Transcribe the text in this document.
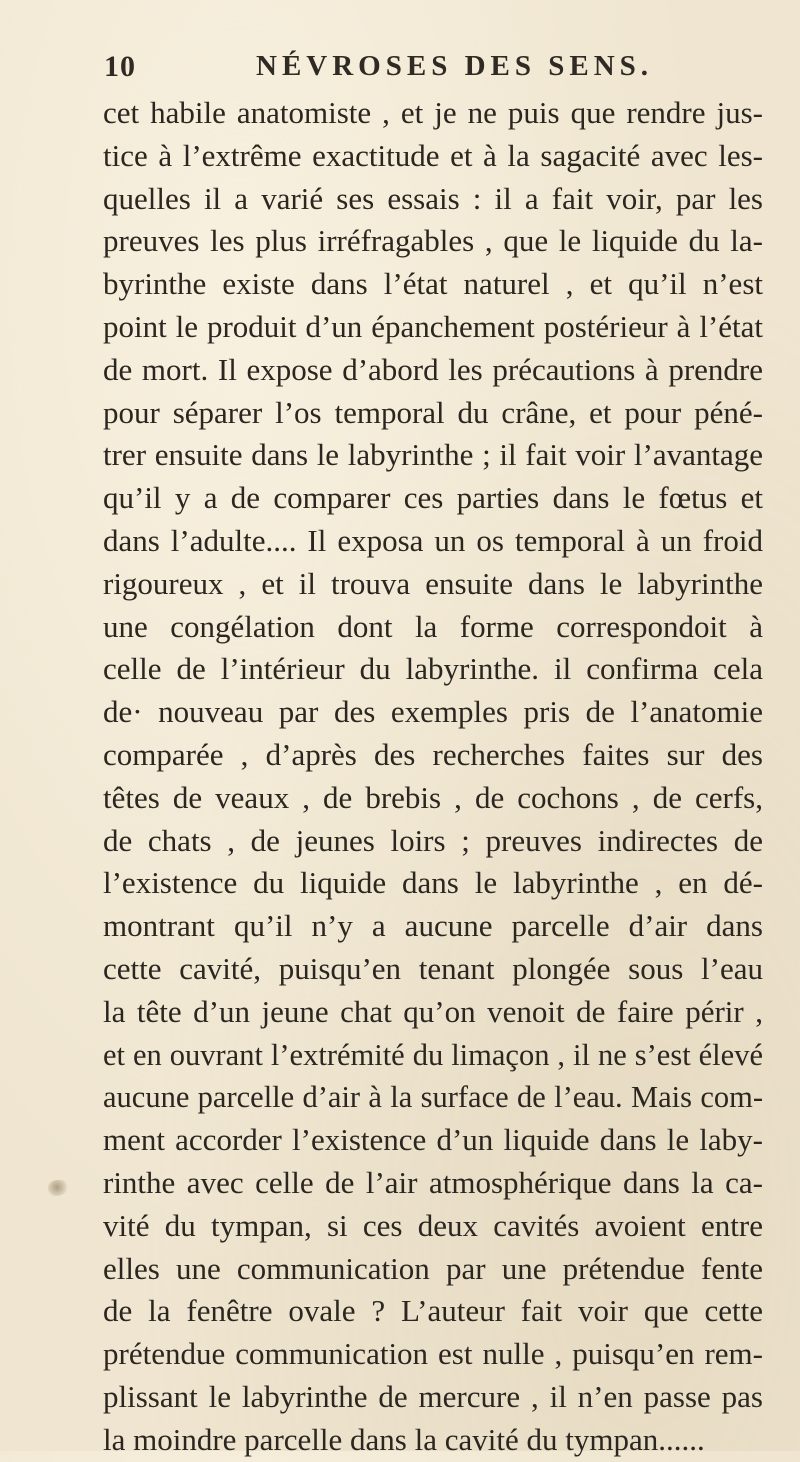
10	NÉVROSES DES SENS.
cet habile anatomiste , et je ne puis que rendre jus-
tice à l’extrême exactitude et à la sagacité avec les-
quelles il a varié ses essais : il a fait voir, par les
preuves les plus irréfragables , que le liquide du la-
byrinthe existe dans l’état naturel , et qu’il n’est
point le produit d’un épanchement postérieur à l’état
de mort. Il expose d’abord les précautions à prendre
pour séparer l’os temporal du crâne, et pour péné-
trer ensuite dans le labyrinthe ; il fait voir l’avantage
qu’il y a de comparer ces parties dans le fœtus et
dans l’adulte.... Il exposa un os temporal à un froid
rigoureux , et il trouva ensuite dans le labyrinthe
une congélation dont la forme correspondoit à
celle de l’intérieur du labyrinthe. il confirma cela
de· nouveau par des exemples pris de l’anatomie
comparée , d’après des recherches faites sur des
têtes de veaux , de brebis , de cochons , de cerfs,
de chats , de jeunes loirs ; preuves indirectes de
l’existence du liquide dans le labyrinthe , en dé-
montrant qu’il n’y a aucune parcelle d’air dans
cette cavité, puisqu’en tenant plongée sous l’eau
la tête d’un jeune chat qu’on venoit de faire périr ,
et en ouvrant l’extrémité du limaçon , il ne s’est élevé
aucune parcelle d’air à la surface de l’eau. Mais com-
ment accorder l’existence d’un liquide dans le laby-
rinthe avec celle de l’air atmosphérique dans la ca-
vité du tympan, si ces deux cavités avoient entre
elles une communication par une prétendue fente
de la fenêtre ovale ? L’auteur fait voir que cette
prétendue communication est nulle , puisqu’en rem-
plissant le labyrinthe de mercure , il n’en passe pas
la moindre parcelle dans la cavité du tympan......
